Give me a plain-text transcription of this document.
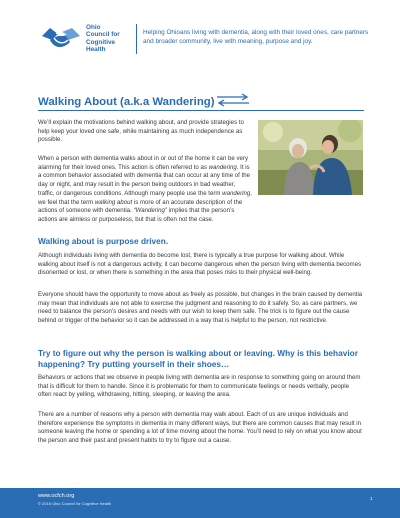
Ohio
Council for
Cognitive
Health
Helping Ohioans living with dementia, along with their loved ones, care partners and broader community, live with meaning, purpose and joy.
Walking About (a.k.a Wandering)

We’ll explain the motivations behind walking about, and provide strategies to help keep your loved one safe, while maintaining as much independence as possible.

When a person with dementia walks about in or out of the home it can be very alarming for their loved ones. This action is often referred to as wandering. It is a common behavior associated with dementia that can occur at any time of the day or night, and may result in the person being outdoors in bad weather, traffic, or dangerous conditions. Although many people use the term wandering, we feel that the term walking about is more of an accurate description of the actions of someone with dementia. “Wandering” implies that the person’s actions are aimless or purposeless, but that is often not the case.

Walking about is purpose driven.

Although individuals living with dementia do become lost, there is typically a true purpose for walking about. While walking about itself is not a dangerous activity, it can become dangerous when the person living with dementia becomes disoriented or lost, or when there is something in the area that poses risks to their physical well-being.

Everyone should have the opportunity to move about as freely as possible, but changes in the brain caused by dementia may mean that individuals are not able to exercise the judgment and reasoning to do it safely. So, as care partners, we need to balance the person’s desires and needs with our wish to keep them safe. The trick is to figure out the cause behind or trigger of the behavior so it can be addressed in a way that is helpful to the person, not restrictive.

Try to figure out why the person is walking about or leaving. Why is this behavior happening? Try putting yourself in their shoes…

Behaviors or actions that we observe in people living with dementia are in response to something going on around them that is difficult for them to handle. Since it is problematic for them to communicate feelings or needs verbally, people often react by yelling, withdrawing, hitting, sleeping, or leaving the area.

There are a number of reasons why a person with dementia may walk about. Each of us are unique individuals and therefore experience the symptoms in dementia in many different ways, but there are common causes that may result in someone leaving the home or spending a lot of time moving about the home. You’ll need to rely on what you know about the person and their past and present habits to try to figure out a cause.

www.ocfch.org
© 2016 Ohio Council for Cognitive Health
1
